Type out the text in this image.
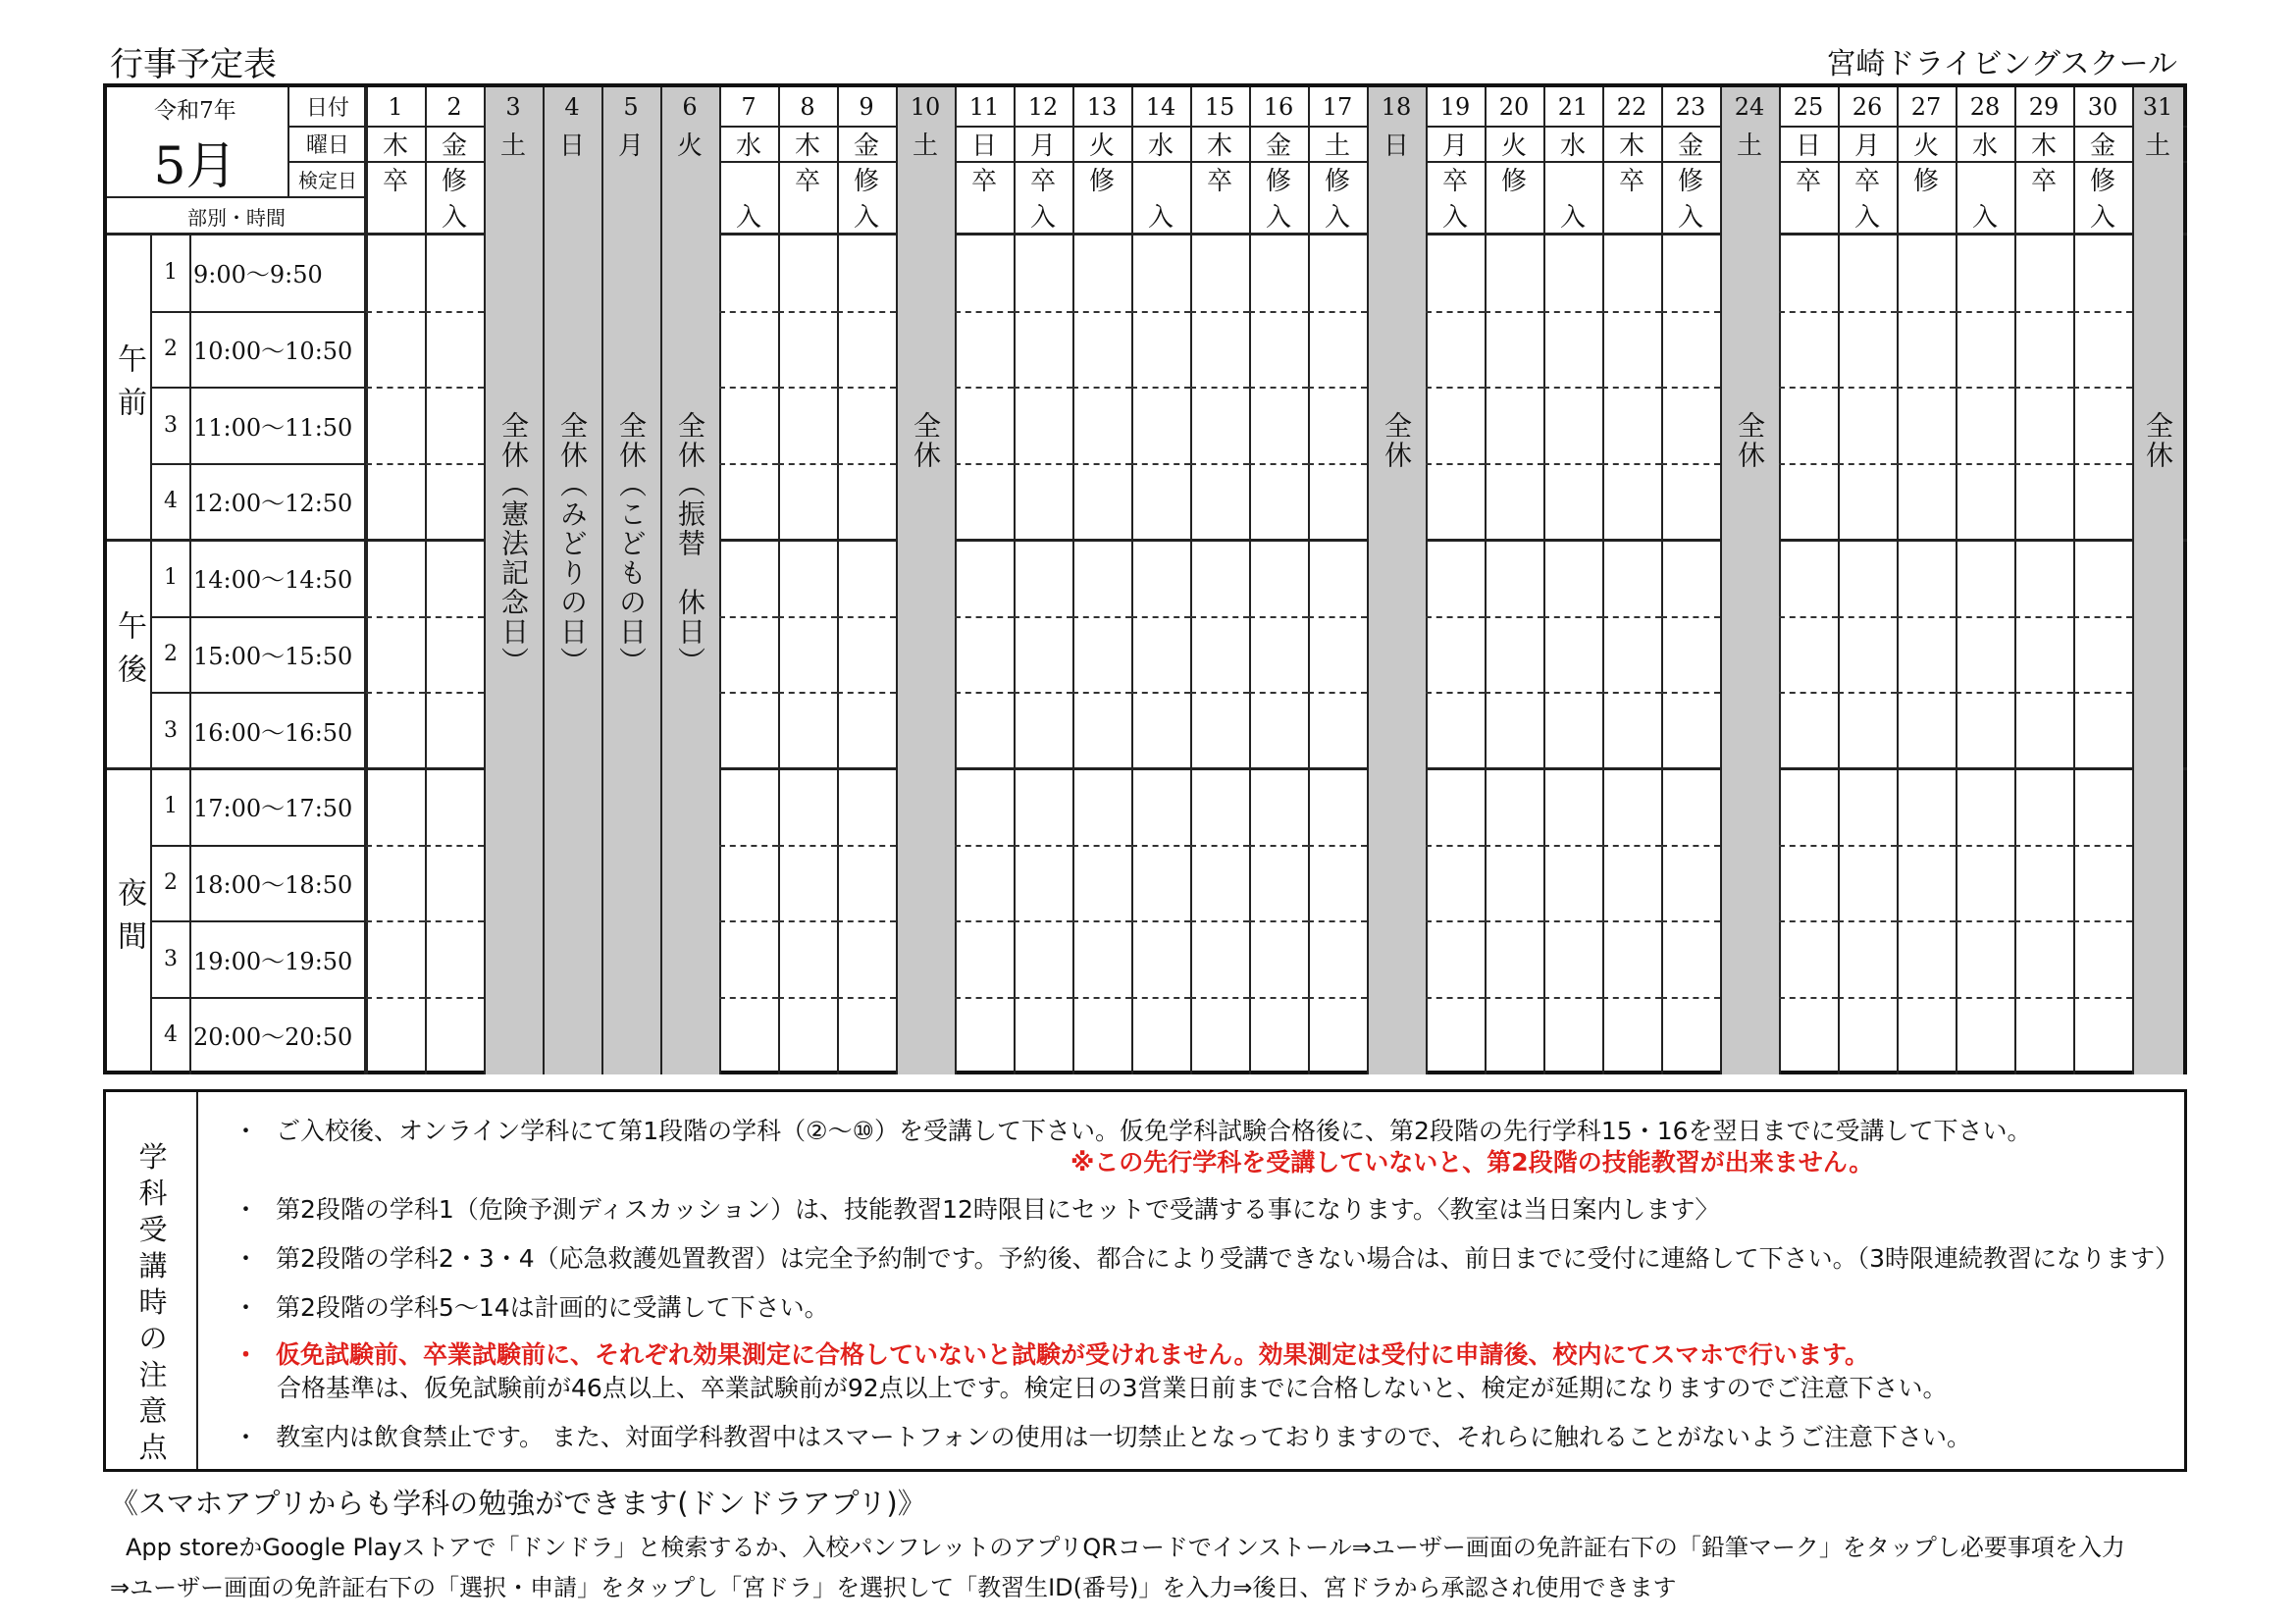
行事予定表	宮崎ドライビングスクール
令和7年
5月
日付
曜日
検定日
部別・時間
午前
1 9:00～9:50
2 10:00～10:50
3 11:00～11:50
4 12:00～12:50
午後
1 14:00～14:50
2 15:00～15:50
3 16:00～16:50
夜間
1 17:00～17:50
2 18:00～18:50
3 19:00～19:50
4 20:00～20:50
1
木
卒
2
金
修
入
3
土
全休（憲法記念日）
4
日
全休（みどりの日）
5
月
全休（こどもの日）
6
火
全休（振替　休日）
7
水
入
8
木
卒
9
金
修
入
10
土
全休
11
日
卒
12
月
卒
入
13
火
修
14
水
入
15
木
卒
16
金
修
入
17
土
修
入
18
日
全休
19
月
卒
入
20
火
修
21
水
入
22
木
卒
23
金
修
入
24
土
全休
25
日
卒
26
月
卒
入
27
火
修
28
水
入
29
木
卒
30
金
修
入
31
土
全休
学科受講時の注意点
・ ご入校後、オンライン学科にて第1段階の学科（②～⑩）を受講して下さい。仮免学科試験合格後に、第2段階の先行学科15・16を翌日までに受講して下さい。
※この先行学科を受講していないと、第2段階の技能教習が出来ません。
・ 第2段階の学科1（危険予測ディスカッション）は、技能教習12時限目にセットで受講する事になります。〈教室は当日案内します〉
・ 第2段階の学科2・3・4（応急救護処置教習）は完全予約制です。予約後、都合により受講できない場合は、前日までに受付に連絡して下さい。（3時限連続教習になります）
・ 第2段階の学科5～14は計画的に受講して下さい。
・ 仮免試験前、卒業試験前に、それぞれ効果測定に合格していないと試験が受けれません。効果測定は受付に申請後、校内にてスマホで行います。
合格基準は、仮免試験前が46点以上、卒業試験前が92点以上です。検定日の3営業日前までに合格しないと、検定が延期になりますのでご注意下さい。
・ 教室内は飲食禁止です。 また、対面学科教習中はスマートフォンの使用は一切禁止となっておりますので、それらに触れることがないようご注意下さい。
《スマホアプリからも学科の勉強ができます(ドンドラアプリ)》
App storeかGoogle Playストアで「ドンドラ」と検索するか、入校パンフレットのアプリQRコードでインストール⇒ユーザー画面の免許証右下の「鉛筆マーク」をタップし必要事項を入力
⇒ユーザー画面の免許証右下の「選択・申請」をタップし「宮ドラ」を選択して「教習生ID(番号)」を入力⇒後日、宮ドラから承認され使用できます
